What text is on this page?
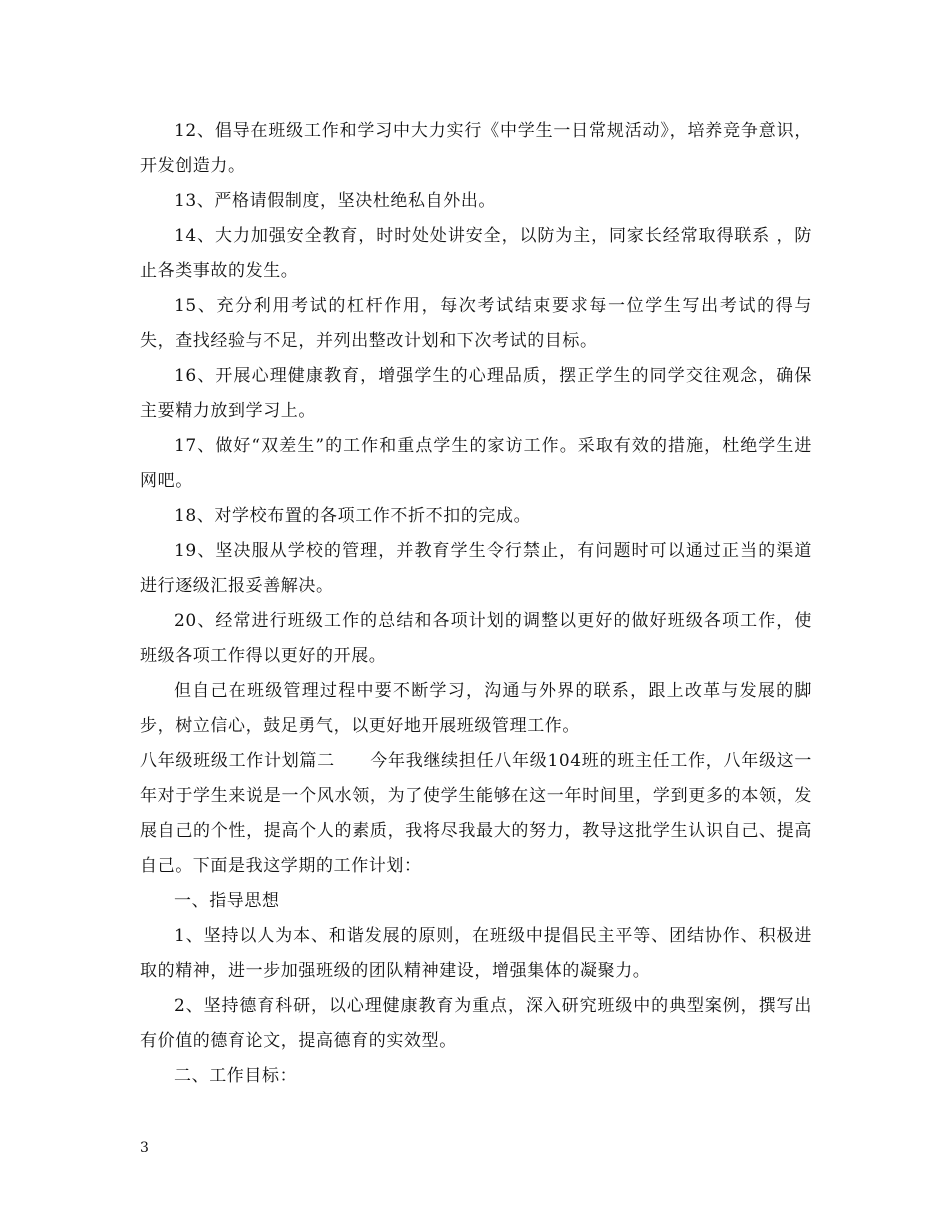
12、倡导在班级工作和学习中大力实行《中学生一日常规活动》，培养竞争意识，开发创造力。

13、严格请假制度，坚决杜绝私自外出。

14、大力加强安全教育，时时处处讲安全，以防为主，同家长经常取得联系 ，防止各类事故的发生。

15、充分利用考试的杠杆作用，每次考试结束要求每一位学生写出考试的得与失，查找经验与不足，并列出整改计划和下次考试的目标。

16、开展心理健康教育，增强学生的心理品质，摆正学生的同学交往观念，确保主要精力放到学习上。

17、做好“双差生”的工作和重点学生的家访工作。采取有效的措施，杜绝学生进网吧。

18、对学校布置的各项工作不折不扣的完成。

19、坚决服从学校的管理，并教育学生令行禁止，有问题时可以通过正当的渠道进行逐级汇报妥善解决。

20、经常进行班级工作的总结和各项计划的调整以更好的做好班级各项工作，使班级各项工作得以更好的开展。

但自己在班级管理过程中要不断学习，沟通与外界的联系，跟上改革与发展的脚步，树立信心，鼓足勇气，以更好地开展班级管理工作。

八年级班级工作计划篇二　　今年我继续担任八年级104班的班主任工作，八年级这一年对于学生来说是一个风水领，为了使学生能够在这一年时间里，学到更多的本领，发展自己的个性，提高个人的素质，我将尽我最大的努力，教导这批学生认识自己、提高自己。下面是我这学期的工作计划：

一、指导思想

1、坚持以人为本、和谐发展的原则，在班级中提倡民主平等、团结协作、积极进取的精神，进一步加强班级的团队精神建设，增强集体的凝聚力。

2、坚持德育科研，以心理健康教育为重点，深入研究班级中的典型案例，撰写出有价值的德育论文，提高德育的实效型。

二、工作目标：

3
